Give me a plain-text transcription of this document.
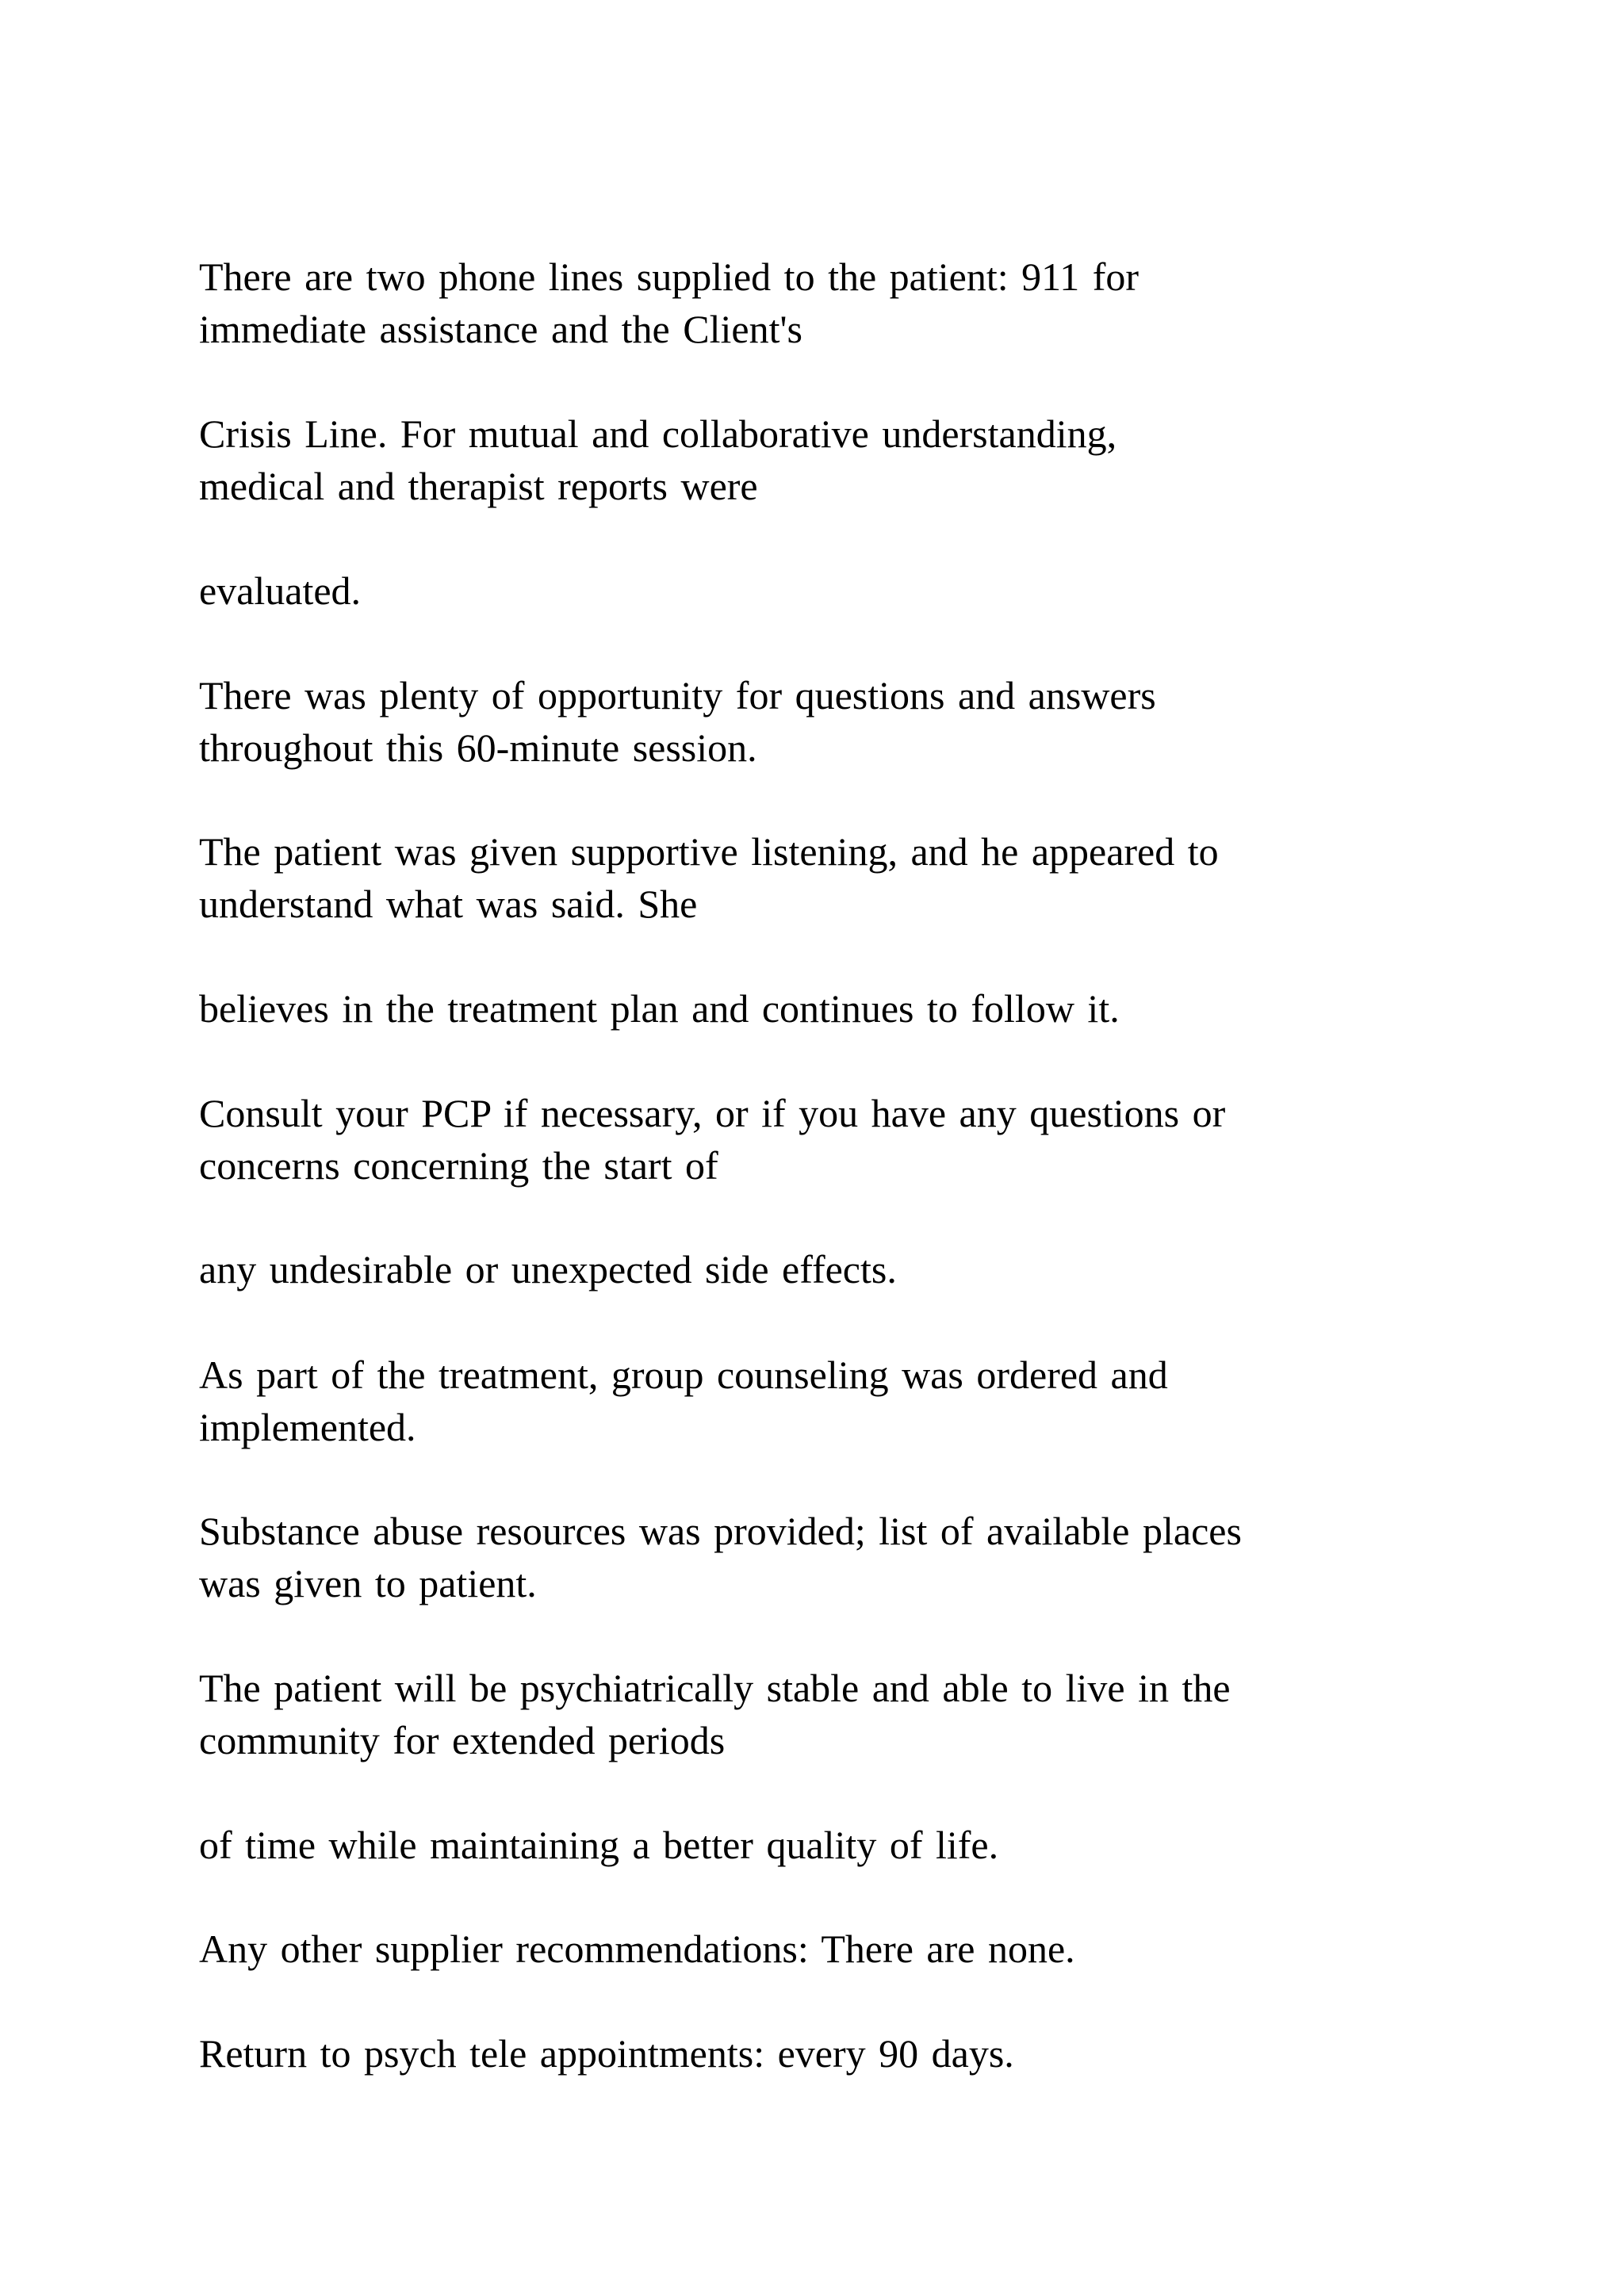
There are two phone lines supplied to the patient: 911 for
immediate assistance and the Client's

Crisis Line. For mutual and collaborative understanding,
medical and therapist reports were

evaluated.

There was plenty of opportunity for questions and answers
throughout this 60-minute session.

The patient was given supportive listening, and he appeared to
understand what was said. She

believes in the treatment plan and continues to follow it.

Consult your PCP if necessary, or if you have any questions or
concerns concerning the start of

any undesirable or unexpected side effects.

As part of the treatment, group counseling was ordered and
implemented.

Substance abuse resources was provided; list of available places
was given to patient.

The patient will be psychiatrically stable and able to live in the
community for extended periods

of time while maintaining a better quality of life.

Any other supplier recommendations: There are none.

Return to psych tele appointments: every 90 days.
